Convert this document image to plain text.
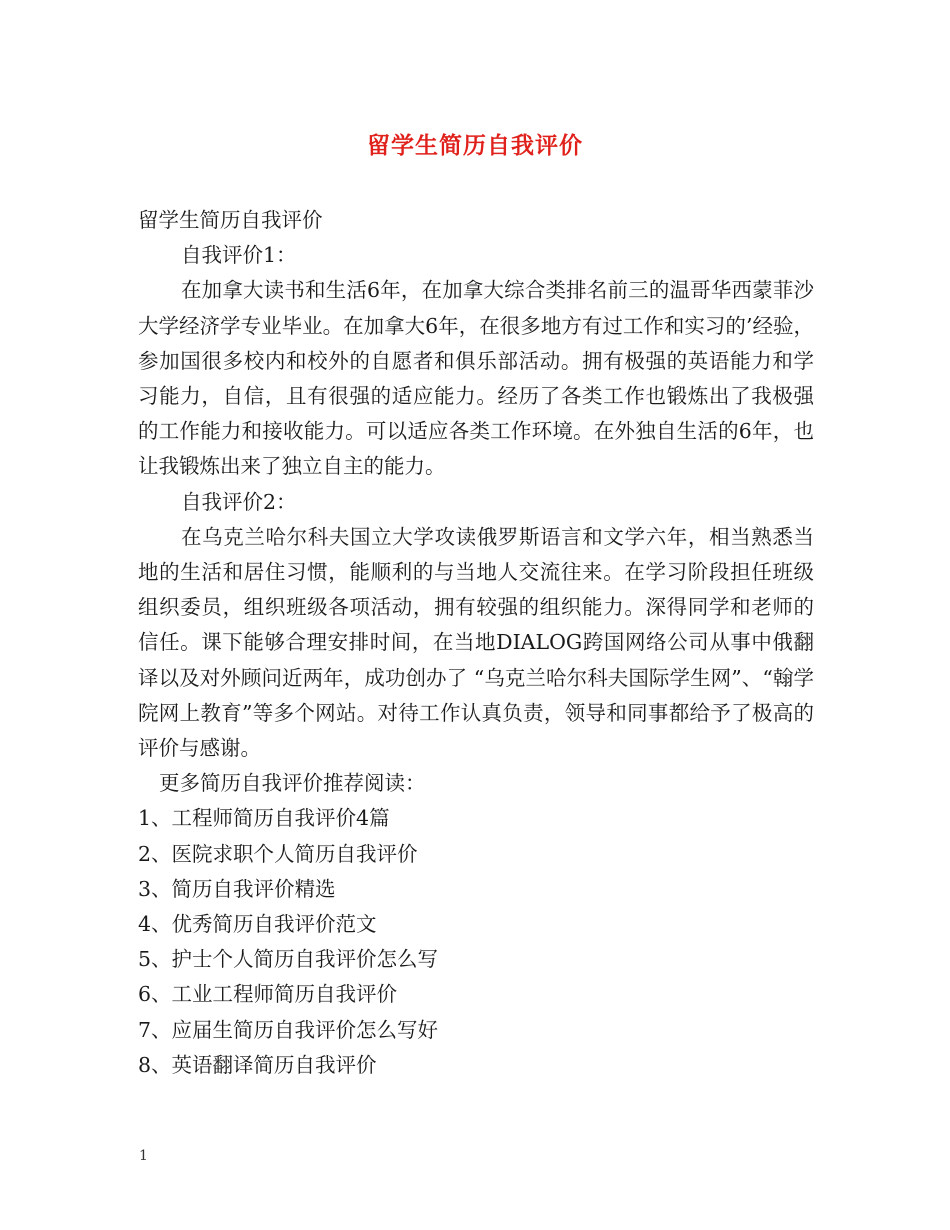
留学生简历自我评价

留学生简历自我评价

自我评价1：

在加拿大读书和生活6年，在加拿大综合类排名前三的温哥华西蒙菲沙大学经济学专业毕业。在加拿大6年，在很多地方有过工作和实习的’经验，参加国很多校内和校外的自愿者和俱乐部活动。拥有极强的英语能力和学习能力，自信，且有很强的适应能力。经历了各类工作也锻炼出了我极强的工作能力和接收能力。可以适应各类工作环境。在外独自生活的6年，也让我锻炼出来了独立自主的能力。

自我评价2：

在乌克兰哈尔科夫国立大学攻读俄罗斯语言和文学六年，相当熟悉当地的生活和居住习惯，能顺利的与当地人交流往来。在学习阶段担任班级组织委员，组织班级各项活动，拥有较强的组织能力。深得同学和老师的信任。课下能够合理安排时间，在当地DIALOG跨国网络公司从事中俄翻译以及对外顾问近两年，成功创办了 “乌克兰哈尔科夫国际学生网”、“翰学院网上教育”等多个网站。对待工作认真负责，领导和同事都给予了极高的评价与感谢。

更多简历自我评价推荐阅读：

1、工程师简历自我评价4篇

2、医院求职个人简历自我评价

3、简历自我评价精选

4、优秀简历自我评价范文

5、护士个人简历自我评价怎么写

6、工业工程师简历自我评价

7、应届生简历自我评价怎么写好

8、英语翻译简历自我评价

1
